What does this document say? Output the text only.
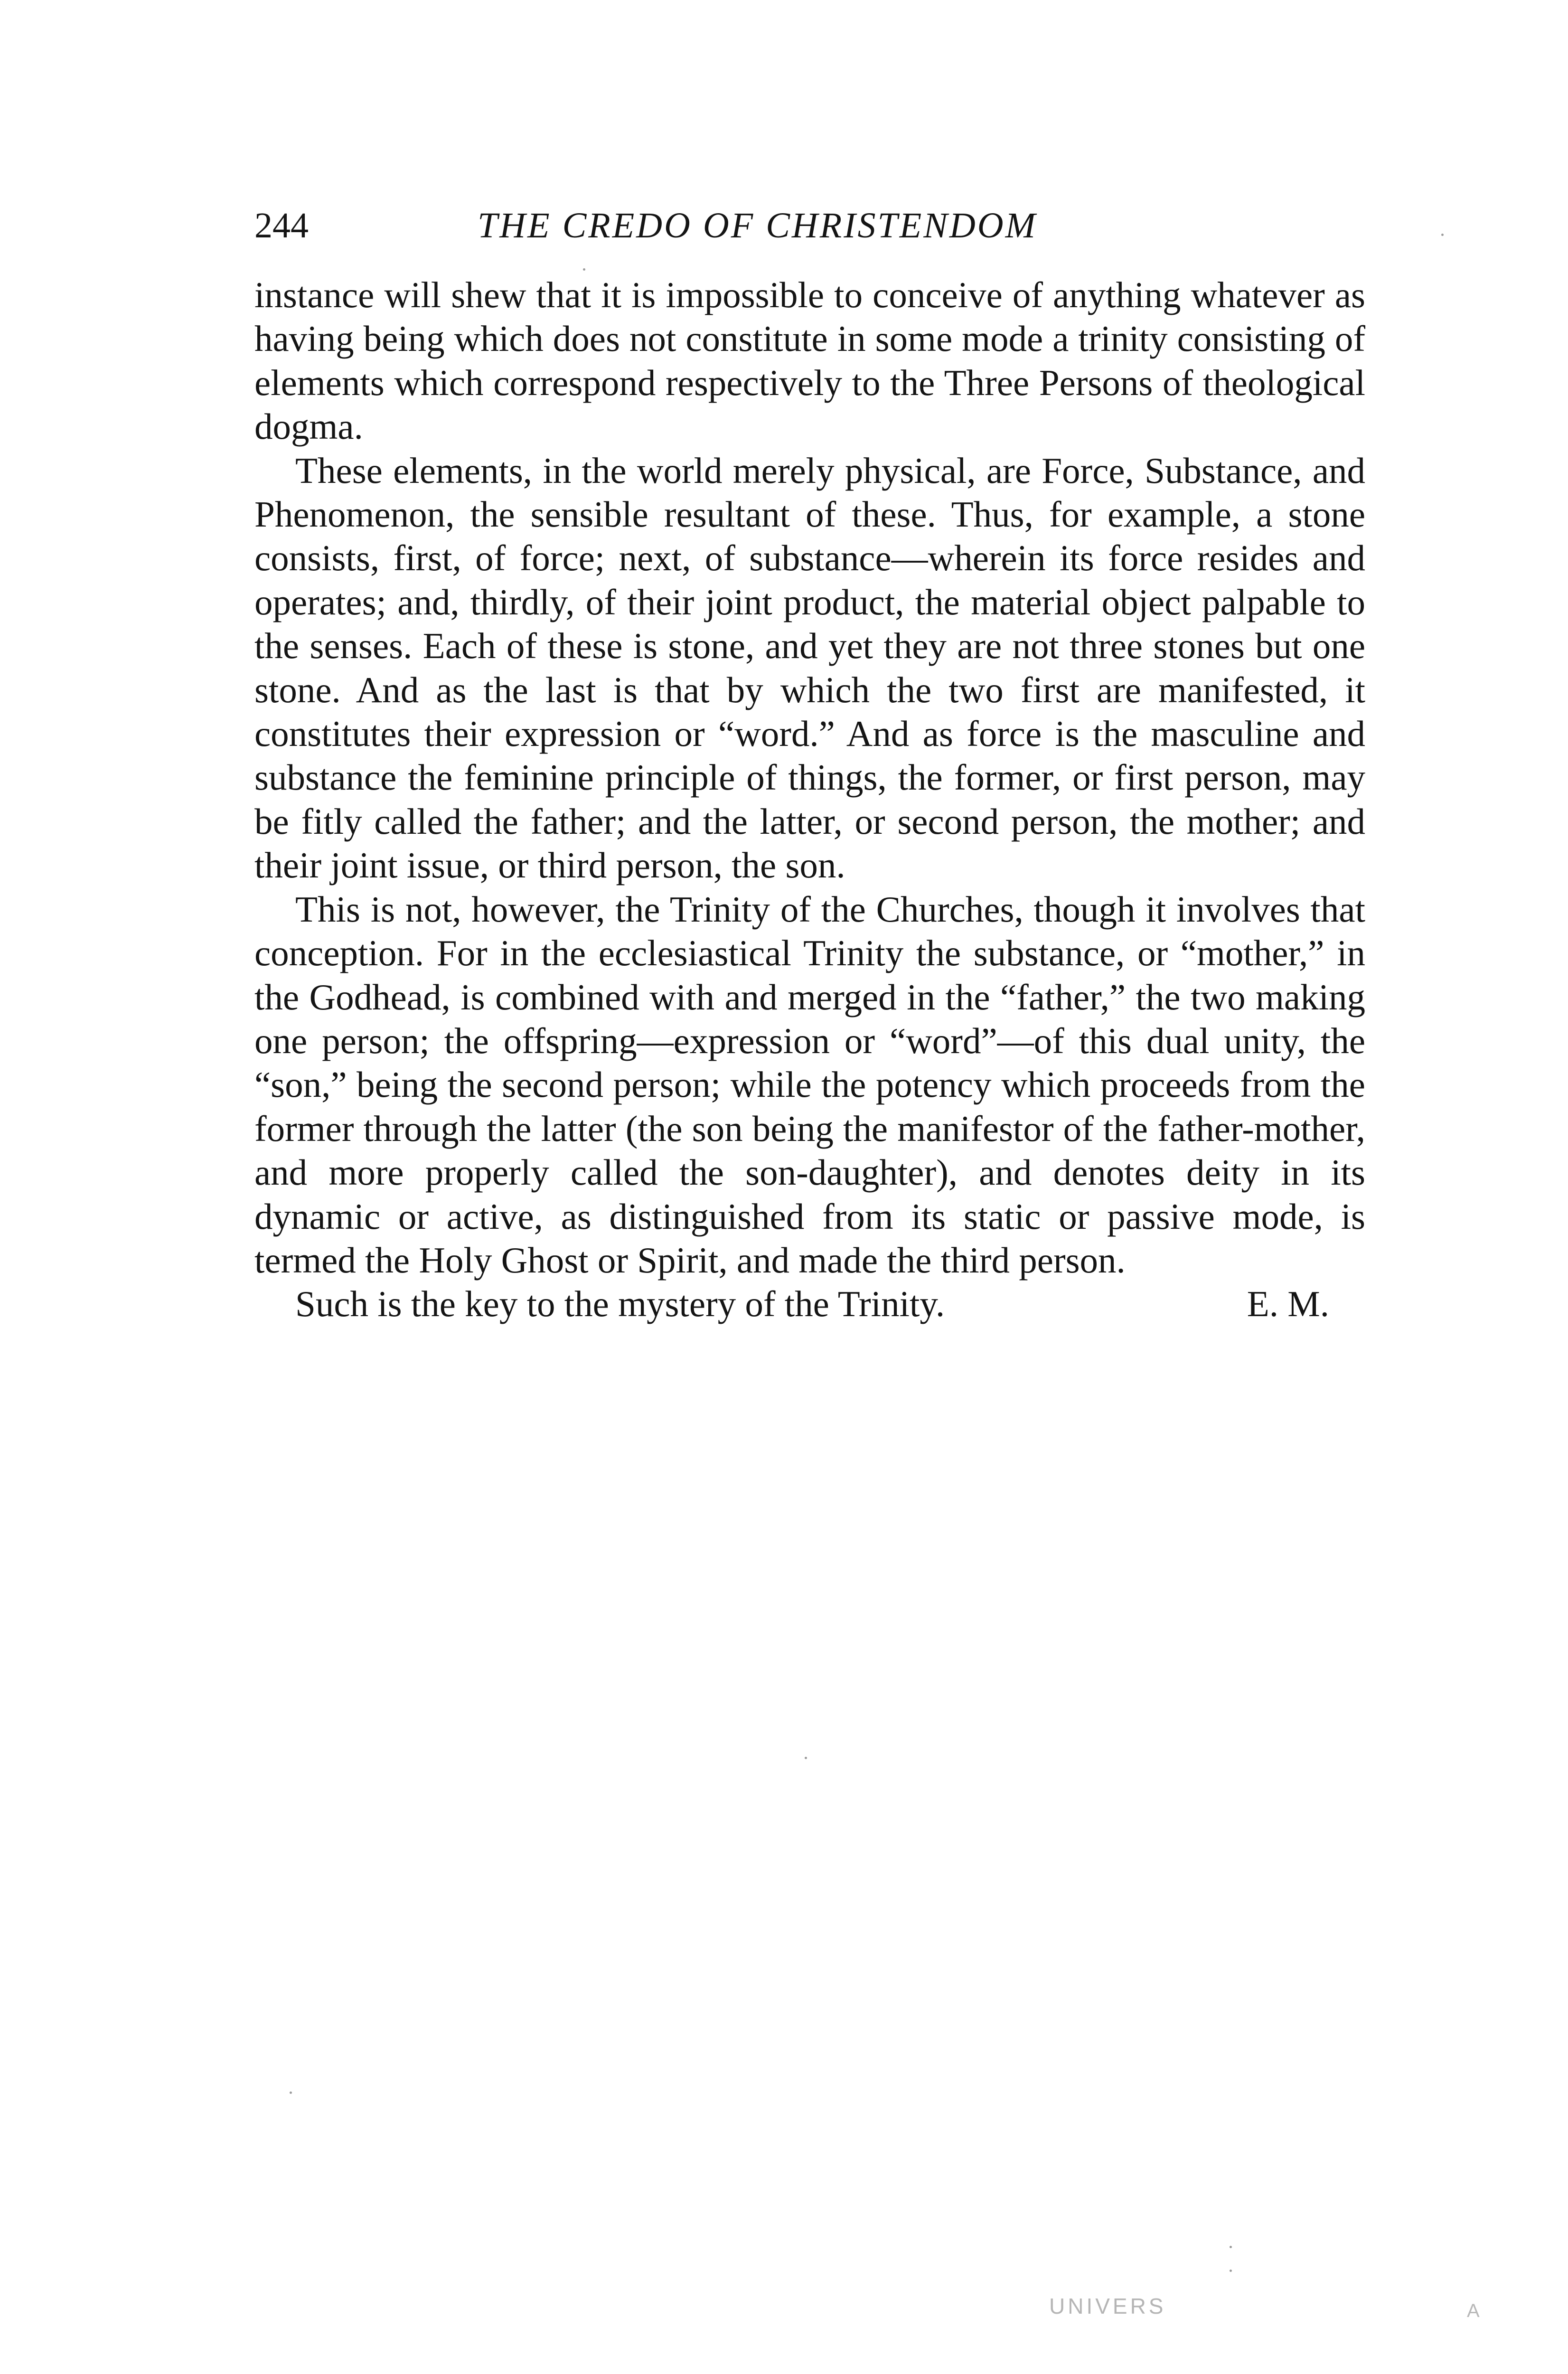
244	THE CREDO OF CHRISTENDOM

instance will shew that it is impossible to conceive of anything whatever as having being which does not constitute in some mode a trinity consisting of elements which correspond respectively to the Three Persons of theological dogma.

These elements, in the world merely physical, are Force, Substance, and Phenomenon, the sensible resultant of these. Thus, for example, a stone consists, first, of force; next, of substance—wherein its force resides and operates; and, thirdly, of their joint product, the material object palpable to the senses. Each of these is stone, and yet they are not three stones but one stone. And as the last is that by which the two first are manifested, it constitutes their expression or “word.” And as force is the masculine and substance the feminine principle of things, the former, or first person, may be fitly called the father; and the latter, or second person, the mother; and their joint issue, or third person, the son.

This is not, however, the Trinity of the Churches, though it involves that conception. For in the ecclesiastical Trinity the substance, or “mother,” in the Godhead, is combined with and merged in the “father,” the two making one person; the offspring—expression or “word”—of this dual unity, the “son,” being the second person; while the potency which proceeds from the former through the latter (the son being the manifestor of the father-mother, and more properly called the son-daughter), and denotes deity in its dynamic or active, as distinguished from its static or passive mode, is termed the Holy Ghost or Spirit, and made the third person.

Such is the key to the mystery of the Trinity.	E. M.
UNIVERS	A
